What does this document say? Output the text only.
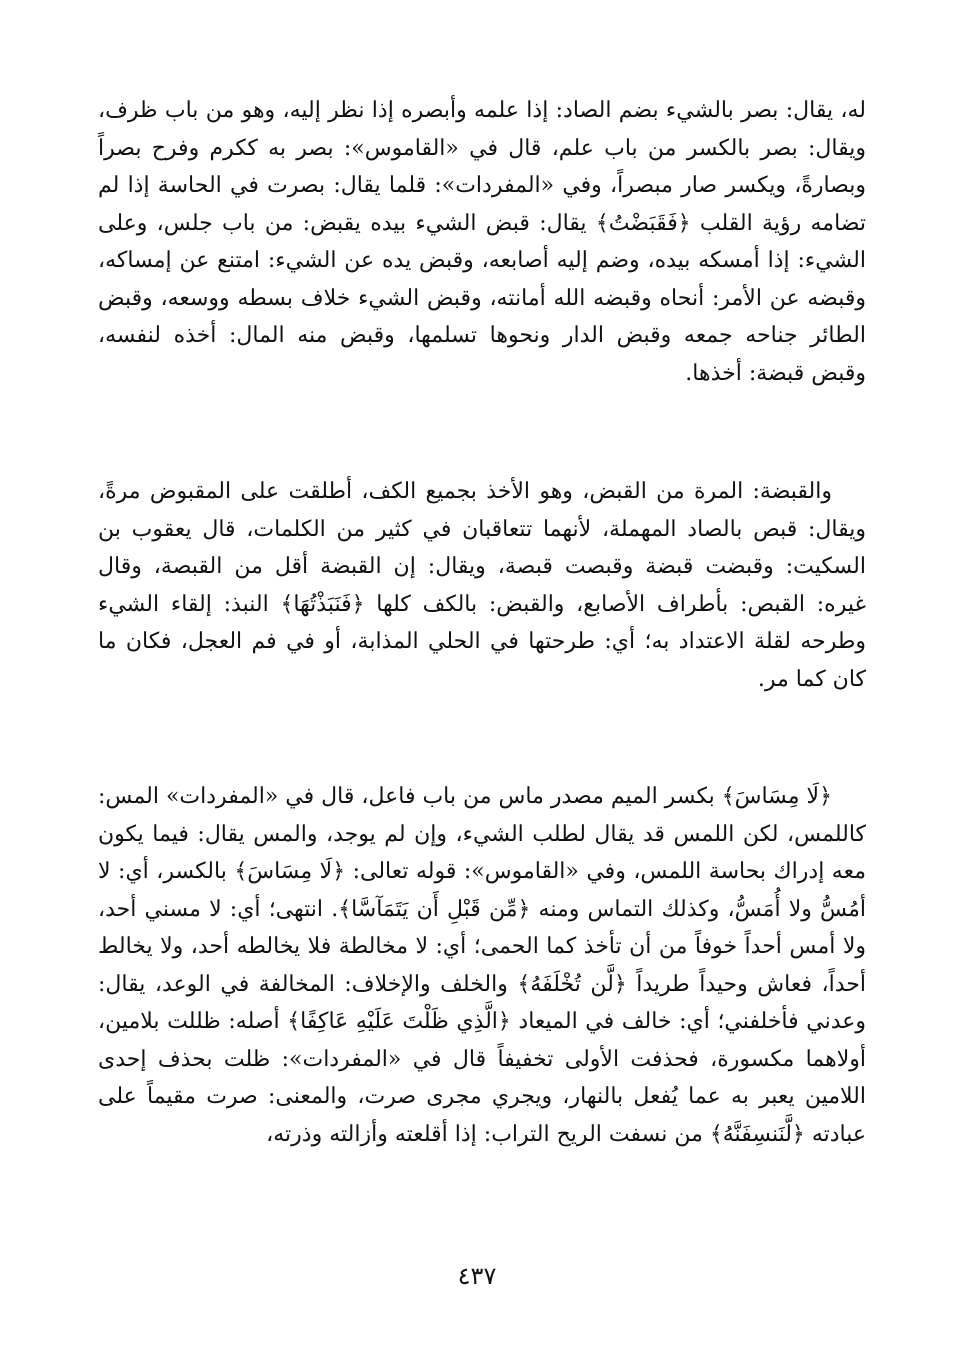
له، يقال: بصر بالشيء بضم الصاد: إذا علمه وأبصره إذا نظر إليه، وهو من باب ظرف، ويقال: بصر بالكسر من باب علم، قال في «القاموس»: بصر به ككرم وفرح بصراً وبصارةً، ويكسر صار مبصراً، وفي «المفردات»: قلما يقال: بصرت في الحاسة إذا لم تضامه رؤية القلب ﴿فَقَبَضْتُ﴾ يقال: قبض الشيء بيده يقبض: من باب جلس، وعلى الشيء: إذا أمسكه بيده، وضم إليه أصابعه، وقبض يده عن الشيء: امتنع عن إمساكه، وقبضه عن الأمر: أنحاه وقبضه الله أمانته، وقبض الشيء خلاف بسطه ووسعه، وقبض الطائر جناحه جمعه وقبض الدار ونحوها تسلمها، وقبض منه المال: أخذه لنفسه، وقبض قبضة: أخذها.

والقبضة: المرة من القبض، وهو الأخذ بجميع الكف، أطلقت على المقبوض مرةً، ويقال: قبص بالصاد المهملة، لأنهما تتعاقبان في كثير من الكلمات، قال يعقوب بن السكيت: وقبضت قبضة وقبصت قبصة، ويقال: إن القبضة أقل من القبصة، وقال غيره: القبص: بأطراف الأصابع، والقبض: بالكف كلها ﴿فَنَبَذْتُهَا﴾ النبذ: إلقاء الشيء وطرحه لقلة الاعتداد به؛ أي: طرحتها في الحلي المذابة، أو في فم العجل، فكان ما كان كما مر.

﴿لَا مِسَاسَ﴾ بكسر الميم مصدر ماس من باب فاعل، قال في «المفردات» المس: كاللمس، لكن اللمس قد يقال لطلب الشيء، وإن لم يوجد، والمس يقال: فيما يكون معه إدراك بحاسة اللمس، وفي «القاموس»: قوله تعالى: ﴿لَا مِسَاسَ﴾ بالكسر، أي: لا أمُسُّ ولا أُمَسُّ، وكذلك التماس ومنه ﴿مِّن قَبْلِ أَن يَتَمَآسَّا﴾. انتهى؛ أي: لا مسني أحد، ولا أمس أحداً خوفاً من أن تأخذ كما الحمى؛ أي: لا مخالطة فلا يخالطه أحد، ولا يخالط أحداً، فعاش وحيداً طريداً ﴿لَّن تُخْلَفَهُ﴾ والخلف والإخلاف: المخالفة في الوعد، يقال: وعدني فأخلفني؛ أي: خالف في الميعاد ﴿الَّذِي ظَلْتَ عَلَيْهِ عَاكِفًا﴾ أصله: ظللت بلامين، أولاهما مكسورة، فحذفت الأولى تخفيفاً قال في «المفردات»: ظلت بحذف إحدى اللامين يعبر به عما يُفعل بالنهار، ويجري مجرى صرت، والمعنى: صرت مقيماً على عبادته ﴿لَّنَنسِفَنَّهُ﴾ من نسفت الريح التراب: إذا أقلعته وأزالته وذرته،

٤٣٧
